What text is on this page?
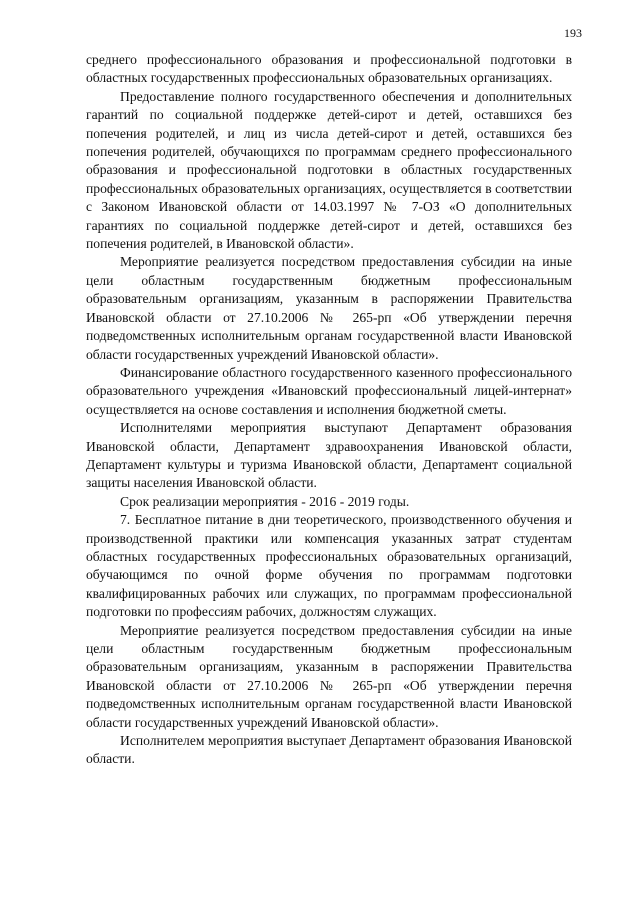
193

среднего профессионального образования и профессиональной подготовки в областных государственных профессиональных образовательных организациях.

Предоставление полного государственного обеспечения и дополнительных гарантий по социальной поддержке детей-сирот и детей, оставшихся без попечения родителей, и лиц из числа детей-сирот и детей, оставшихся без попечения родителей, обучающихся по программам среднего профессионального образования и профессиональной подготовки в областных государственных профессиональных образовательных организациях, осуществляется в соответствии с Законом Ивановской области от 14.03.1997 № 7-ОЗ «О дополнительных гарантиях по социальной поддержке детей-сирот и детей, оставшихся без попечения родителей, в Ивановской области».

Мероприятие реализуется посредством предоставления субсидии на иные цели областным государственным бюджетным профессиональным образовательным организациям, указанным в распоряжении Правительства Ивановской области от 27.10.2006 № 265-рп «Об утверждении перечня подведомственных исполнительным органам государственной власти Ивановской области государственных учреждений Ивановской области».

Финансирование областного государственного казенного профессионального образовательного учреждения «Ивановский профессиональный лицей-интернат» осуществляется на основе составления и исполнения бюджетной сметы.

Исполнителями мероприятия выступают Департамент образования Ивановской области, Департамент здравоохранения Ивановской области, Департамент культуры и туризма Ивановской области, Департамент социальной защиты населения Ивановской области.

Срок реализации мероприятия - 2016 - 2019 годы.

7. Бесплатное питание в дни теоретического, производственного обучения и производственной практики или компенсация указанных затрат студентам областных государственных профессиональных образовательных организаций, обучающимся по очной форме обучения по программам подготовки квалифицированных рабочих или служащих, по программам профессиональной подготовки по профессиям рабочих, должностям служащих.

Мероприятие реализуется посредством предоставления субсидии на иные цели областным государственным бюджетным профессиональным образовательным организациям, указанным в распоряжении Правительства Ивановской области от 27.10.2006 № 265-рп «Об утверждении перечня подведомственных исполнительным органам государственной власти Ивановской области государственных учреждений Ивановской области».

Исполнителем мероприятия выступает Департамент образования Ивановской области.
